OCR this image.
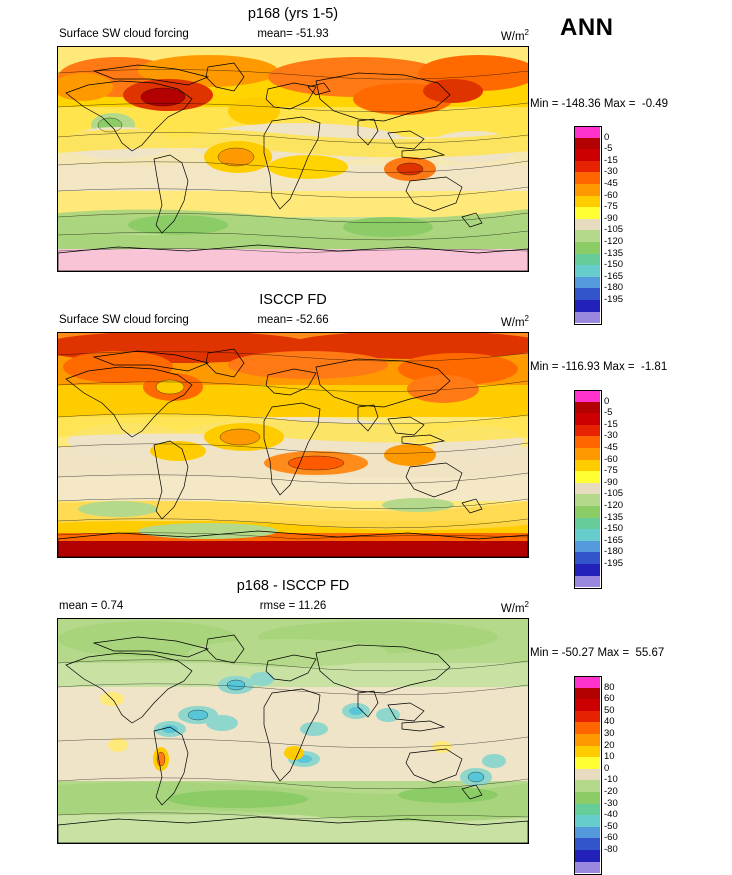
ANN
p168 (yrs 1-5)
Surface SW cloud forcing	mean= -51.93	$W/m^2$
Min = -148.36 Max =  -0.49
0
-5
-15
-30
-45
-60
-75
-90
-105
-120
-135
-150
-165
-180
-195
ISCCP FD
Surface SW cloud forcing	mean= -52.66	$W/m^2$
Min = -116.93 Max =  -1.81
0
-5
-15
-30
-45
-60
-75
-90
-105
-120
-135
-150
-165
-180
-195
p168 - ISCCP FD
mean = 0.74	rmse = 11.26	$W/m^2$
Min = -50.27 Max =  55.67
80
60
50
40
30
20
10
0
-10
-20
-30
-40
-50
-60
-80
